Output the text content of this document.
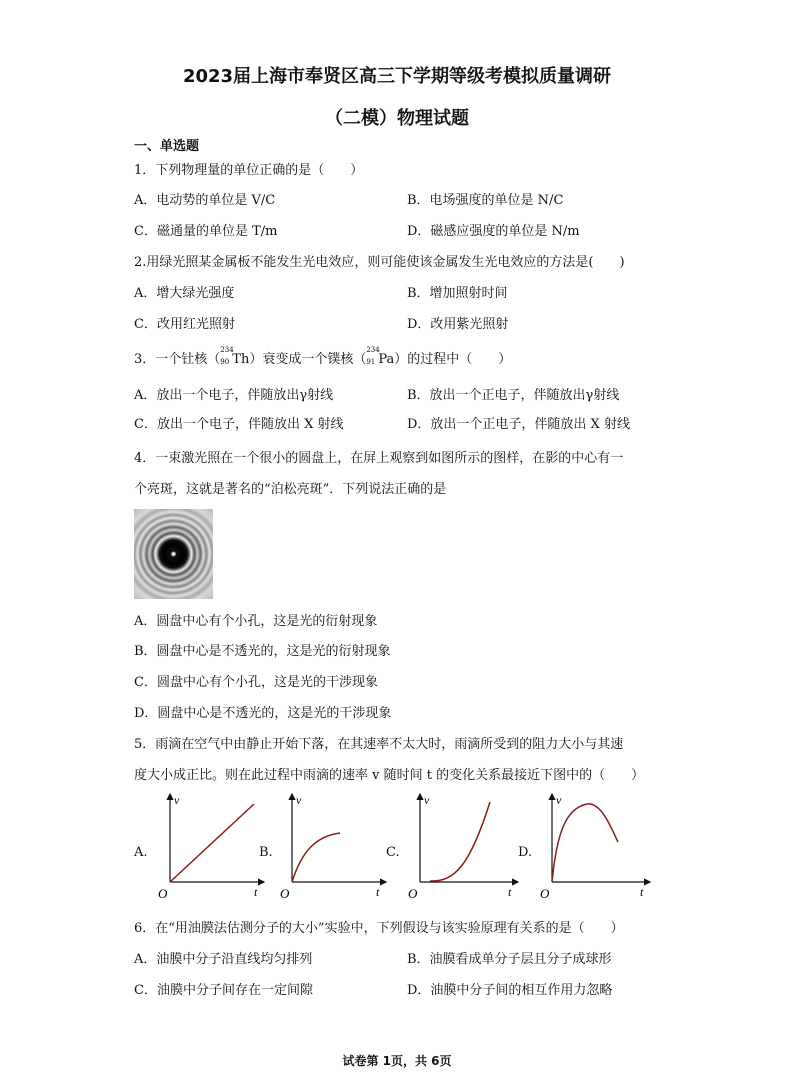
2023届上海市奉贤区高三下学期等级考模拟质量调研
（二模）物理试题
一、单选题
1．下列物理量的单位正确的是（　　）
A．电动势的单位是 V/C	B．电场强度的单位是 N/C
C．磁通量的单位是 T/m	D．磁感应强度的单位是 N/m
2.用绿光照某金属板不能发生光电效应，则可能使该金属发生光电效应的方法是(　　)
A．增大绿光强度	B．增加照射时间
C．改用红光照射	D．改用紫光照射
3．一个钍核（
234
90 Th）衰变成一个镤核（
234
91 Pa）的过程中（　　）
A．放出一个电子，伴随放出γ射线	B．放出一个正电子，伴随放出γ射线
C．放出一个电子，伴随放出 X 射线	D．放出一个正电子，伴随放出 X 射线
4．一束激光照在一个很小的圆盘上，在屏上观察到如图所示的图样，在影的中心有一
个亮斑，这就是著名的“泊松亮斑”．下列说法正确的是
A．圆盘中心有个小孔，这是光的衍射现象
B．圆盘中心是不透光的，这是光的衍射现象
C．圆盘中心有个小孔，这是光的干涉现象
D．圆盘中心是不透光的，这是光的干涉现象
5．雨滴在空气中由静止开始下落，在其速率不太大时，雨滴所受到的阻力大小与其速
度大小成正比。则在此过程中雨滴的速率 v 随时间 t 的变化关系最接近下图中的（　　）
A.	B.	C.	D.
v
t
O
v
t
O
v
t
O
v
t
O
6．在“用油膜法估测分子的大小”实验中，下列假设与该实验原理有关系的是（　　）
A．油膜中分子沿直线均匀排列	B．油膜看成单分子层且分子成球形
C．油膜中分子间存在一定间隙	D．油膜中分子间的相互作用力忽略
试卷第 1页，共 6页
